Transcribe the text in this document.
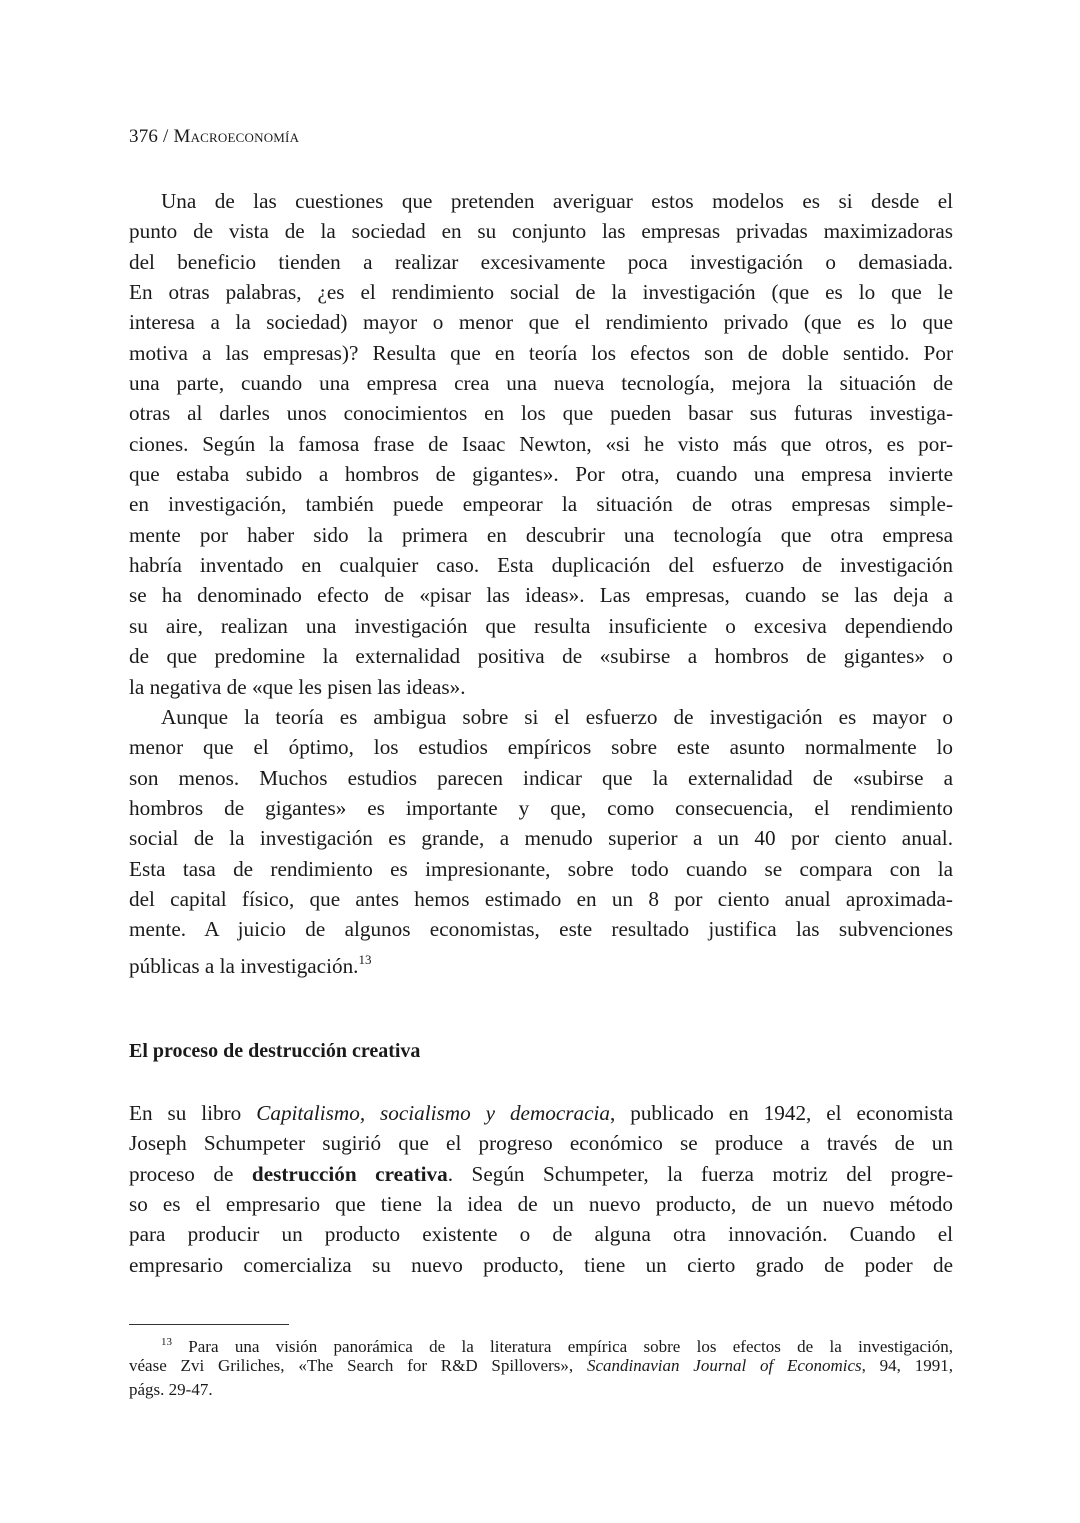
376 / Macroeconomía
Una de las cuestiones que pretenden averiguar estos modelos es si desde el
punto de vista de la sociedad en su conjunto las empresas privadas maximizadoras
del beneficio tienden a realizar excesivamente poca investigación o demasiada.
En otras palabras, ¿es el rendimiento social de la investigación (que es lo que le
interesa a la sociedad) mayor o menor que el rendimiento privado (que es lo que
motiva a las empresas)? Resulta que en teoría los efectos son de doble sentido. Por
una parte, cuando una empresa crea una nueva tecnología, mejora la situación de
otras al darles unos conocimientos en los que pueden basar sus futuras investiga-
ciones. Según la famosa frase de Isaac Newton, «si he visto más que otros, es por-
que estaba subido a hombros de gigantes». Por otra, cuando una empresa invierte
en investigación, también puede empeorar la situación de otras empresas simple-
mente por haber sido la primera en descubrir una tecnología que otra empresa
habría inventado en cualquier caso. Esta duplicación del esfuerzo de investigación
se ha denominado efecto de «pisar las ideas». Las empresas, cuando se las deja a
su aire, realizan una investigación que resulta insuficiente o excesiva dependiendo
de que predomine la externalidad positiva de «subirse a hombros de gigantes» o
la negativa de «que les pisen las ideas».
Aunque la teoría es ambigua sobre si el esfuerzo de investigación es mayor o
menor que el óptimo, los estudios empíricos sobre este asunto normalmente lo
son menos. Muchos estudios parecen indicar que la externalidad de «subirse a
hombros de gigantes» es importante y que, como consecuencia, el rendimiento
social de la investigación es grande, a menudo superior a un 40 por ciento anual.
Esta tasa de rendimiento es impresionante, sobre todo cuando se compara con la
del capital físico, que antes hemos estimado en un 8 por ciento anual aproximada-
mente. A juicio de algunos economistas, este resultado justifica las subvenciones
públicas a la investigación.$^{13}$
El proceso de destrucción creativa
En su libro Capitalismo, socialismo y democracia, publicado en 1942, el economista
Joseph Schumpeter sugirió que el progreso económico se produce a través de un
proceso de destrucción creativa. Según Schumpeter, la fuerza motriz del progre-
so es el empresario que tiene la idea de un nuevo producto, de un nuevo método
para producir un producto existente o de alguna otra innovación. Cuando el
empresario comercializa su nuevo producto, tiene un cierto grado de poder de
$^{13}$ Para una visión panorámica de la literatura empírica sobre los efectos de la investigación,
véase Zvi Griliches, «The Search for R&D Spillovers», Scandinavian Journal of Economics, 94, 1991,
págs. 29-47.
